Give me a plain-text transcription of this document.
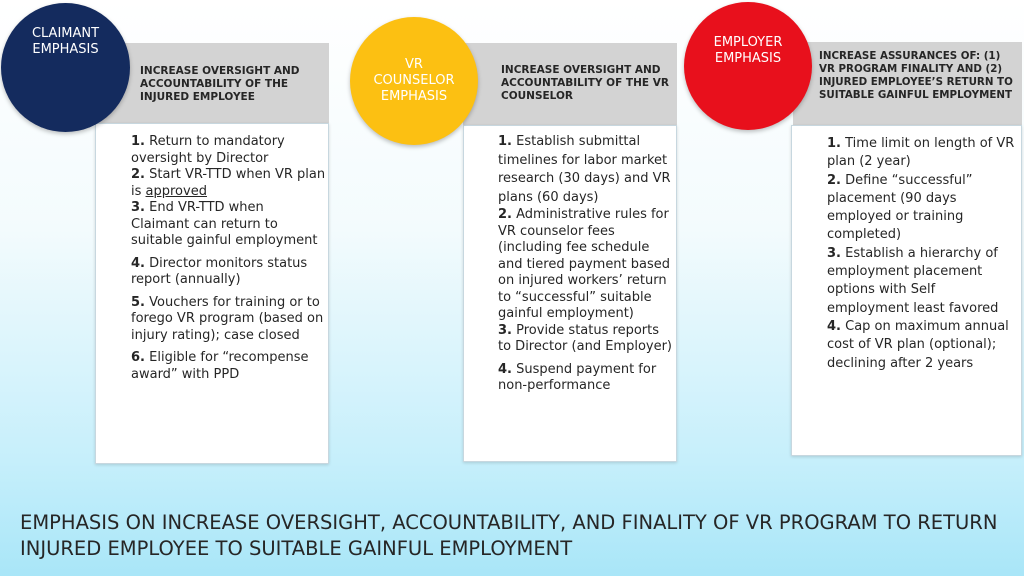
INCREASE OVERSIGHT AND ACCOUNTABILITY OF THE INJURED EMPLOYEE
1. Return to mandatory oversight by Director
2. Start VR-TTD when VR plan is approved
3. End VR-TTD when Claimant can return to suitable gainful employment
4. Director monitors status report (annually)
5. Vouchers for training or to forego VR program (based on injury rating); case closed
6. Eligible for “recompense award” with PPD
CLAIMANT EMPHASIS
INCREASE OVERSIGHT AND ACCOUNTABILITY OF THE VR COUNSELOR
1. Establish submittal timelines for labor market research (30 days) and VR plans (60 days)
2. Administrative rules for VR counselor fees (including fee schedule and tiered payment based on injured workers’ return to “successful” suitable gainful employment)
3. Provide status reports to Director (and Employer)
4. Suspend payment for non-performance
VR COUNSELOR EMPHASIS
INCREASE ASSURANCES OF: (1) VR PROGRAM FINALITY AND (2) INJURED EMPLOYEE’S RETURN TO SUITABLE GAINFUL EMPLOYMENT
1. Time limit on length of VR plan (2 year)
2. Define “successful” placement (90 days employed or training completed)
3. Establish a hierarchy of employment placement options with Self employment least favored
4. Cap on maximum annual cost of VR plan (optional); declining after 2 years
EMPLOYER EMPHASIS
EMPHASIS ON INCREASE OVERSIGHT, ACCOUNTABILITY, AND FINALITY OF VR PROGRAM TO RETURN INJURED EMPLOYEE TO SUITABLE GAINFUL EMPLOYMENT
